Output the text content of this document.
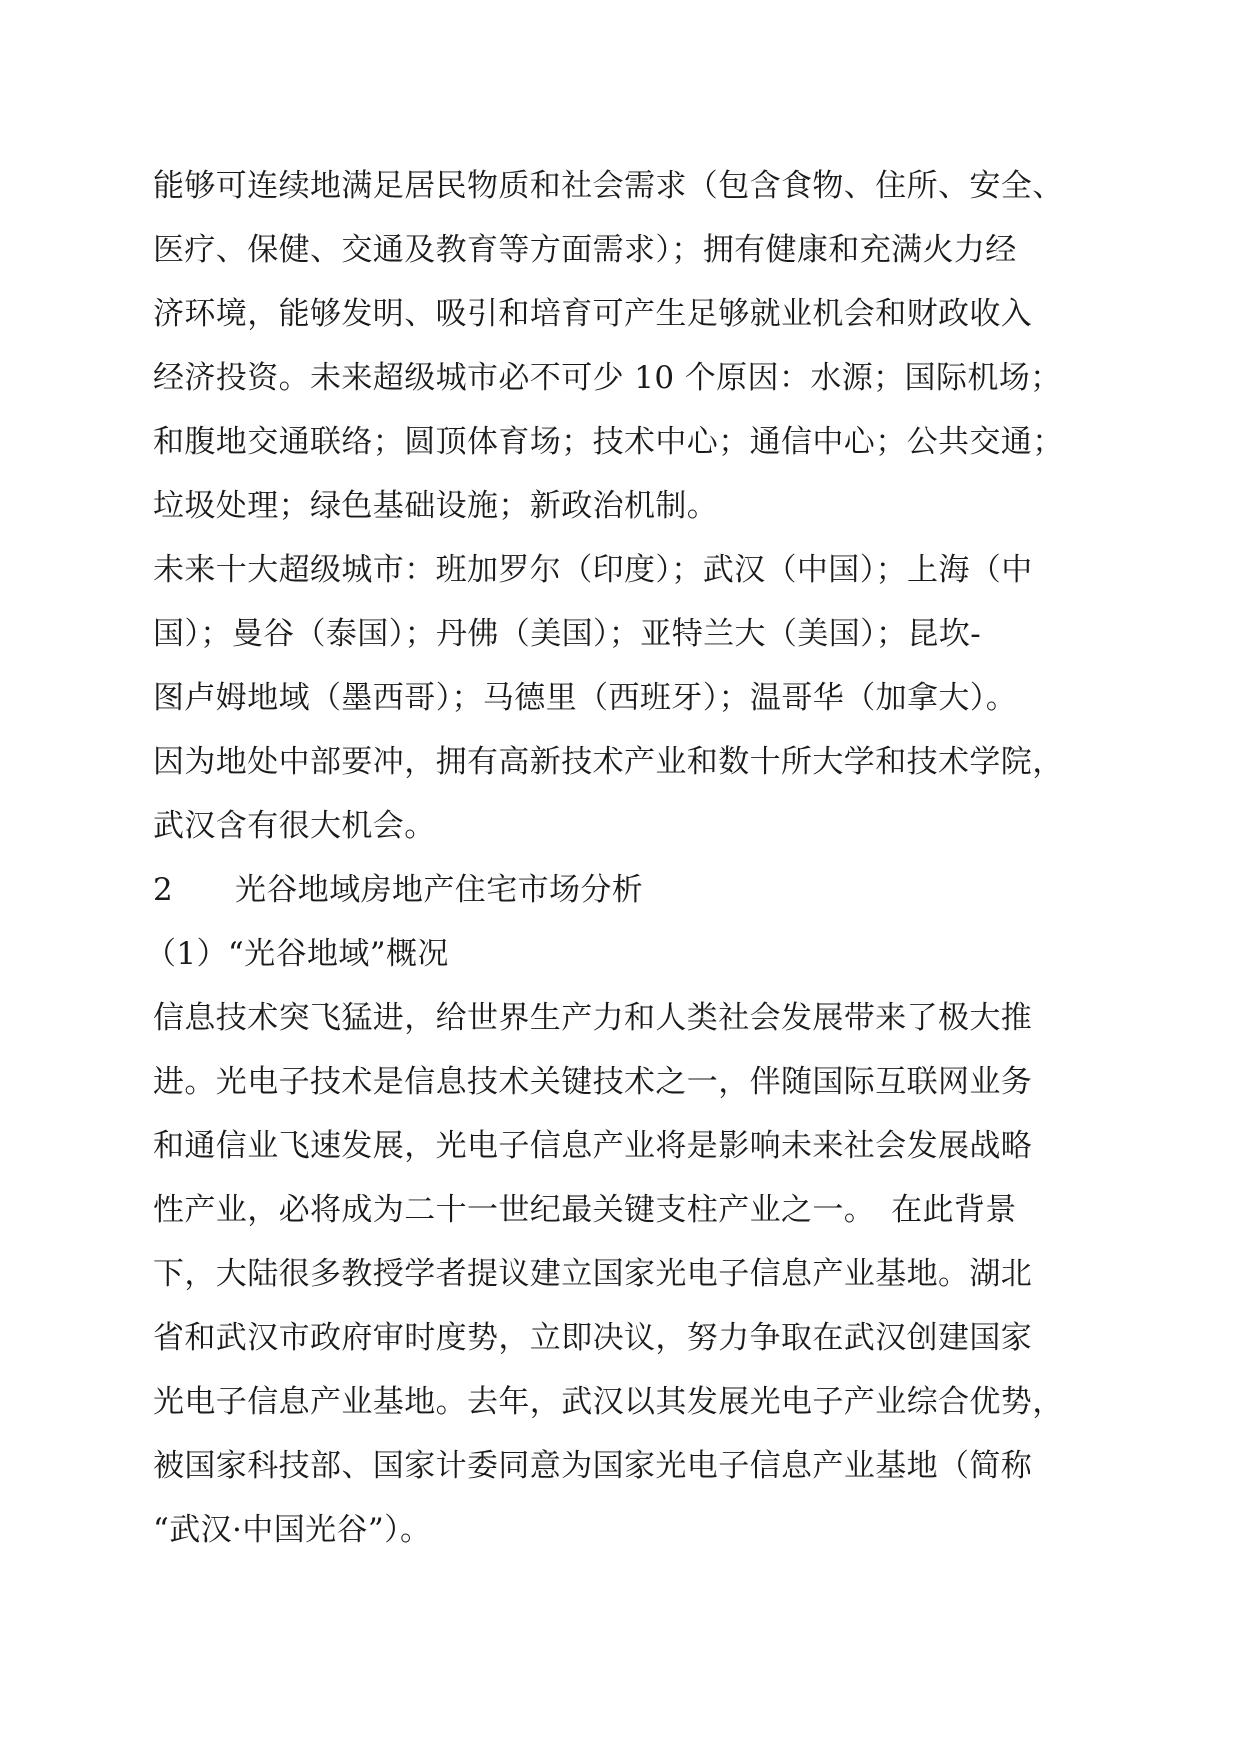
能够可连续地满足居民物质和社会需求（包含食物、住所、安全、
医疗、保健、交通及教育等方面需求）；拥有健康和充满火力经
济环境，能够发明、吸引和培育可产生足够就业机会和财政收入
经济投资。未来超级城市必不可少 10 个原因：水源；国际机场；
和腹地交通联络；圆顶体育场；技术中心；通信中心；公共交通；
垃圾处理；绿色基础设施；新政治机制。
未来十大超级城市：班加罗尔（印度）；武汉（中国）；上海（中
国）；曼谷（泰国）；丹佛（美国）；亚特兰大（美国）；昆坎-
图卢姆地域（墨西哥）；马德里（西班牙）；温哥华（加拿大）。
因为地处中部要冲，拥有高新技术产业和数十所大学和技术学院，
武汉含有很大机会。
2 光谷地域房地产住宅市场分析
（1）“光谷地域”概况
信息技术突飞猛进，给世界生产力和人类社会发展带来了极大推
进。光电子技术是信息技术关键技术之一，伴随国际互联网业务
和通信业飞速发展，光电子信息产业将是影响未来社会发展战略
性产业，必将成为二十一世纪最关键支柱产业之一。　在此背景
下，大陆很多教授学者提议建立国家光电子信息产业基地。湖北
省和武汉市政府审时度势，立即决议，努力争取在武汉创建国家
光电子信息产业基地。去年，武汉以其发展光电子产业综合优势，
被国家科技部、国家计委同意为国家光电子信息产业基地（简称
“武汉·中国光谷”）。
